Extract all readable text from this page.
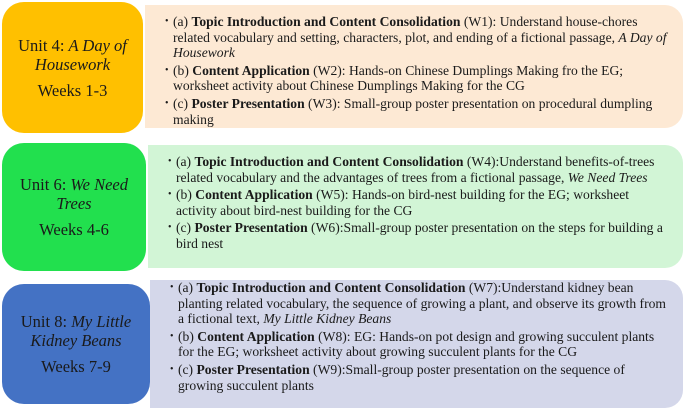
Unit 4: A Day of Housework
Weeks 1-3
• (a) Topic Introduction and Content Consolidation (W1): Understand house-chores related vocabulary and setting, characters, plot, and ending of a fictional passage, A Day of Housework
• (b) Content Application (W2): Hands-on Chinese Dumplings Making fro the EG; worksheet activity about Chinese Dumplings Making for the CG
• (c) Poster Presentation (W3): Small-group poster presentation on procedural dumpling making
Unit 6: We Need Trees
Weeks 4-6
• (a) Topic Introduction and Content Consolidation (W4):Understand benefits-of-trees related vocabulary and the advantages of trees from a fictional passage, We Need Trees
• (b) Content Application (W5): Hands-on bird-nest building for the EG; worksheet activity about bird-nest building for the CG
• (c) Poster Presentation (W6):Small-group poster presentation on the steps for building a bird nest
Unit 8: My Little Kidney Beans
Weeks 7-9
• (a) Topic Introduction and Content Consolidation (W7):Understand kidney bean planting related vocabulary, the sequence of growing a plant, and observe its growth from a fictional text, My Little Kidney Beans
• (b) Content Application (W8): EG: Hands-on pot design and growing succulent plants for the EG; worksheet activity about growing succulent plants for the CG
• (c) Poster Presentation (W9):Small-group poster presentation on the sequence of growing succulent plants
